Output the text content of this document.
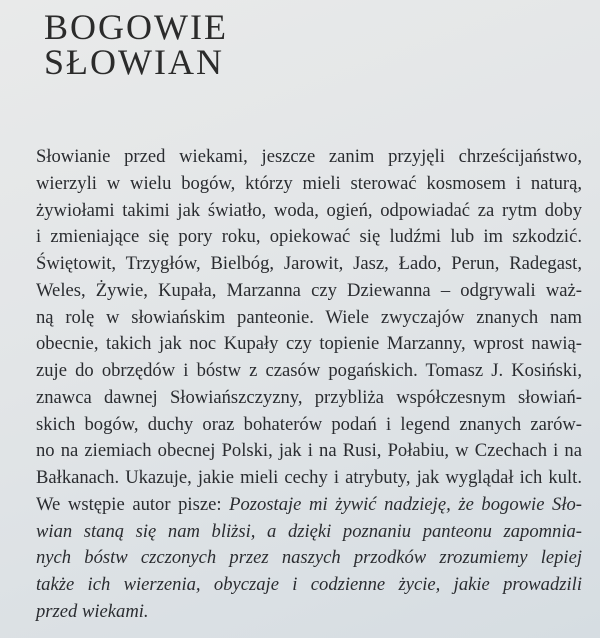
BOGOWIE
SŁOWIAN
Słowianie przed wiekami, jeszcze zanim przyjęli chrześcijaństwo,
wierzyli w wielu bogów, którzy mieli sterować kosmosem i naturą,
żywiołami takimi jak światło, woda, ogień, odpowiadać za rytm doby
i zmieniające się pory roku, opiekować się ludźmi lub im szkodzić.
Świętowit, Trzygłów, Bielbóg, Jarowit, Jasz, Łado, Perun, Radegast,
Weles, Żywie, Kupała, Marzanna czy Dziewanna – odgrywali waż-
ną rolę w słowiańskim panteonie. Wiele zwyczajów znanych nam
obecnie, takich jak noc Kupały czy topienie Marzanny, wprost nawią-
zuje do obrzędów i bóstw z czasów pogańskich. Tomasz J. Kosiński,
znawca dawnej Słowiańszczyzny, przybliża współczesnym słowiań-
skich bogów, duchy oraz bohaterów podań i legend znanych zarów-
no na ziemiach obecnej Polski, jak i na Rusi, Połabiu, w Czechach i na
Bałkanach. Ukazuje, jakie mieli cechy i atrybuty, jak wyglądał ich kult.
We wstępie autor pisze: Pozostaje mi żywić nadzieję, że bogowie Sło-
wian staną się nam bliżsi, a dzięki poznaniu panteonu zapomnia-
nych bóstw czczonych przez naszych przodków zrozumiemy lepiej
także ich wierzenia, obyczaje i codzienne życie, jakie prowadzili
przed wiekami.
